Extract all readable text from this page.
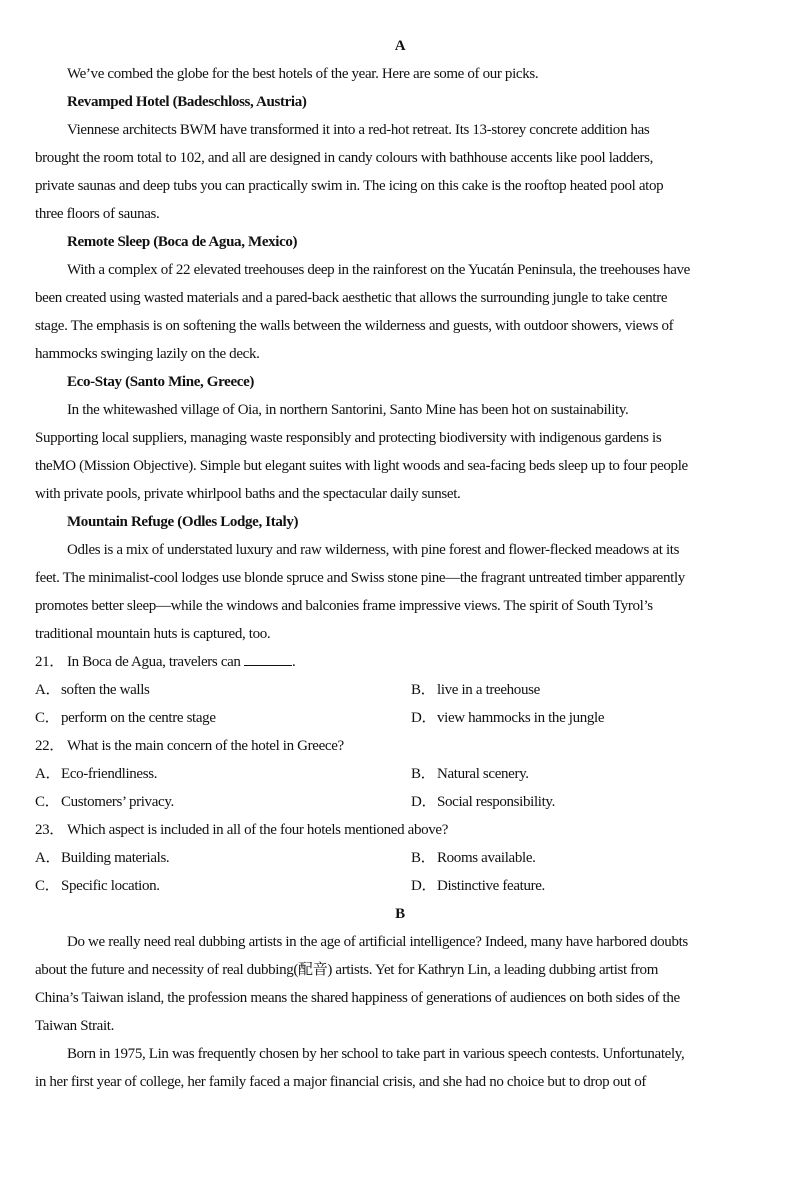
A
We’ve combed the globe for the best hotels of the year. Here are some of our picks.
Revamped Hotel (Badeschloss, Austria)
Viennese architects BWM have transformed it into a red-hot retreat. Its 13-storey concrete addition has
brought the room total to 102, and all are designed in candy colours with bathhouse accents like pool ladders,
private saunas and deep tubs you can practically swim in. The icing on this cake is the rooftop heated pool atop
three floors of saunas.
Remote Sleep (Boca de Agua, Mexico)
With a complex of 22 elevated treehouses deep in the rainforest on the Yucatán Peninsula, the treehouses have
been created using wasted materials and a pared-back aesthetic that allows the surrounding jungle to take centre
stage. The emphasis is on softening the walls between the wilderness and guests, with outdoor showers, views of
hammocks swinging lazily on the deck.
Eco-Stay (Santo Mine, Greece)
In the whitewashed village of Oia, in northern Santorini, Santo Mine has been hot on sustainability.
Supporting local suppliers, managing waste responsibly and protecting biodiversity with indigenous gardens is
theMO (Mission Objective). Simple but elegant suites with light woods and sea-facing beds sleep up to four people
with private pools, private whirlpool baths and the spectacular daily sunset.
Mountain Refuge (Odles Lodge, Italy)
Odles is a mix of understated luxury and raw wilderness, with pine forest and flower-flecked meadows at its
feet. The minimalist-cool lodges use blonde spruce and Swiss stone pine—the fragrant untreated timber apparently
promotes better sleep—while the windows and balconies frame impressive views. The spirit of South Tyrol’s
traditional mountain huts is captured, too.
21． In Boca de Agua, travelers can	.
A．soften the walls	B． live in a treehouse
C． perform on the centre stage	D．view hammocks in the jungle
22． What is the main concern of the hotel in Greece?
A．Eco-friendliness.	B． Natural scenery.
C． Customers’ privacy.	D．Social responsibility.
23． Which aspect is included in all of the four hotels mentioned above?
A．Building materials.	B． Rooms available.
C． Specific location.	D．Distinctive feature.
B
Do we really need real dubbing artists in the age of artificial intelligence? Indeed, many have harbored doubts
about the future and necessity of real dubbing(配音) artists. Yet for Kathryn Lin, a leading dubbing artist from
China’s Taiwan island, the profession means the shared happiness of generations of audiences on both sides of the
Taiwan Strait.
Born in 1975, Lin was frequently chosen by her school to take part in various speech contests. Unfortunately,
in her first year of college, her family faced a major financial crisis, and she had no choice but to drop out of
